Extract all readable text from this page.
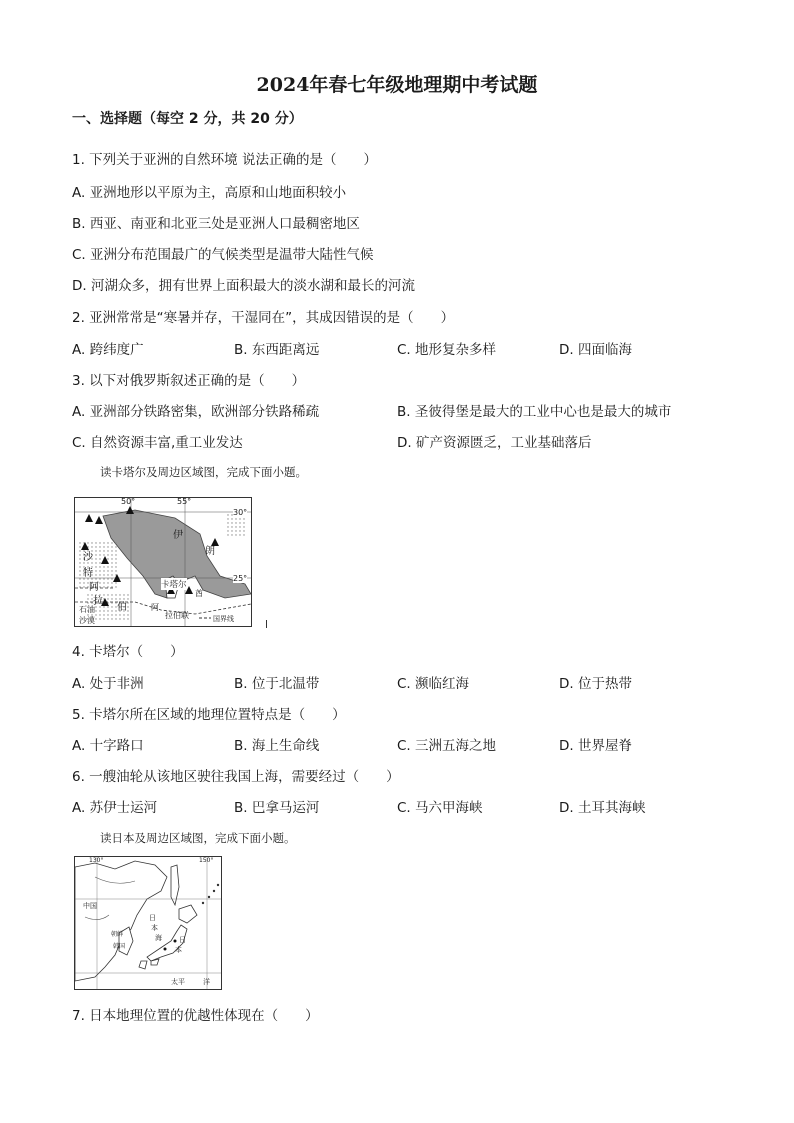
2024年春七年级地理期中考试题
一、选择题（每空 2 分，共 20 分）
1. 下列关于亚洲的自然环境 说法正确的是（　　）
A. 亚洲地形以平原为主，高原和山地面积较小
B. 西亚、南亚和北亚三处是亚洲人口最稠密地区
C. 亚洲分布范围最广的气候类型是温带大陆性气候
D. 河湖众多，拥有世界上面积最大的淡水湖和最长的河流
2. 亚洲常常是“寒暑并存，干湿同在”，其成因错误的是（　　）
A. 跨纬度广	B. 东西距离远	C. 地形复杂多样	D. 四面临海
3. 以下对俄罗斯叙述正确的是（　　）
A. 亚洲部分铁路密集，欧洲部分铁路稀疏	B. 圣彼得堡是最大的工业中心也是最大的城市
C. 自然资源丰富,重工业发达	D. 矿产资源匮乏，工业基础落后
读卡塔尔及周边区域图，完成下面小题。
50°	55°
30°
25°
伊
朗
沙
特
阿
拉
伯
卡塔尔
石油
沙漠
阿
拉伯联
酋
国界线
4. 卡塔尔（　　）
A. 处于非洲	B. 位于北温带	C. 濒临红海	D. 位于热带
5. 卡塔尔所在区域的地理位置特点是（　　）
A. 十字路口	B. 海上生命线	C. 三洲五海之地	D. 世界屋脊
6. 一艘油轮从该地区驶往我国上海，需要经过（　　）
A. 苏伊士运河	B. 巴拿马运河	C. 马六甲海峡	D. 土耳其海峡
读日本及周边区域图，完成下面小题。
130°	150°
中国
朝鲜
韩国
日
本
海 日
本
太平	洋
7. 日本地理位置的优越性体现在（　　）
